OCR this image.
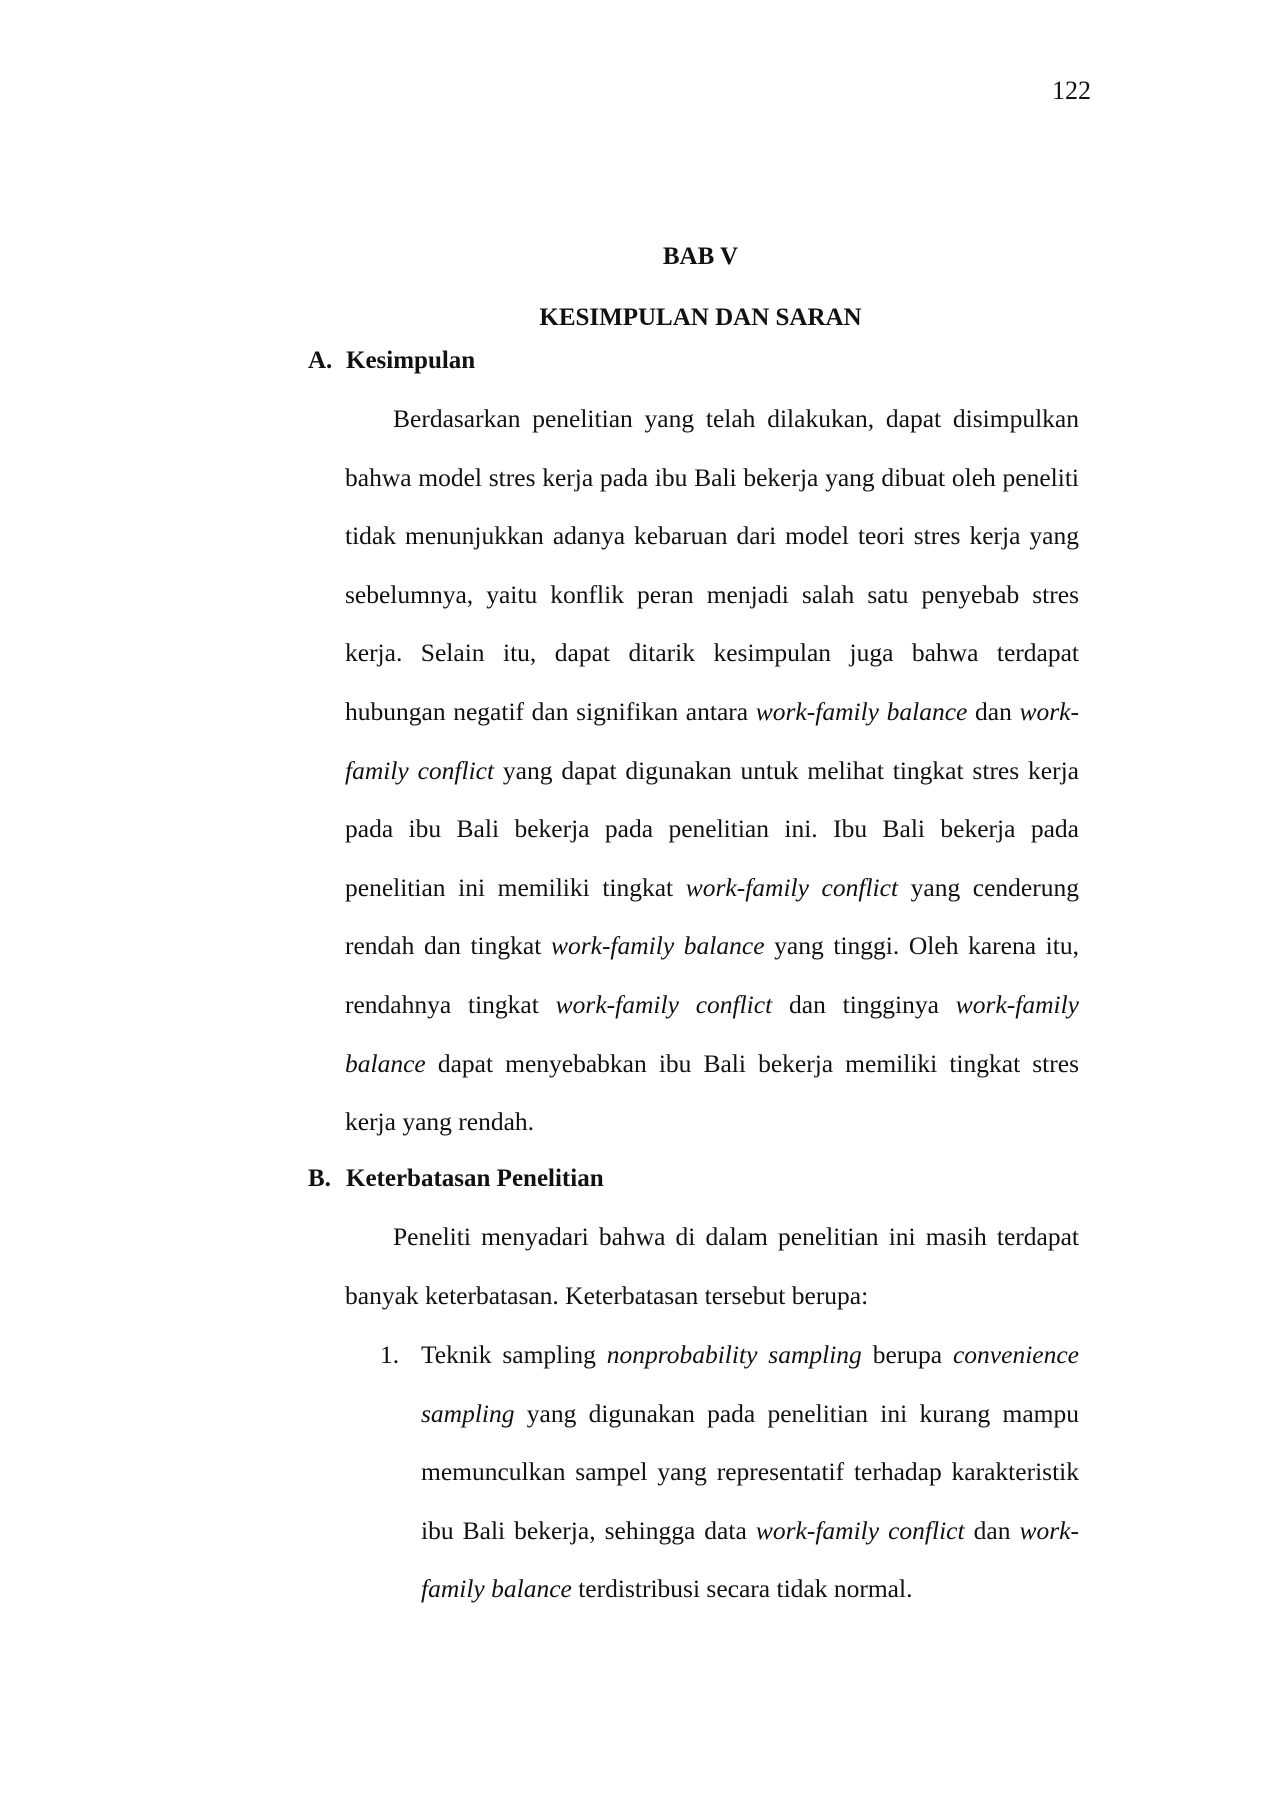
122
BAB V
KESIMPULAN DAN SARAN
A. Kesimpulan

Berdasarkan penelitian yang telah dilakukan, dapat disimpulkan bahwa model stres kerja pada ibu Bali bekerja yang dibuat oleh peneliti tidak menunjukkan adanya kebaruan dari model teori stres kerja yang sebelumnya, yaitu konflik peran menjadi salah satu penyebab stres kerja. Selain itu, dapat ditarik kesimpulan juga bahwa terdapat hubungan negatif dan signifikan antara work-family balance dan work-family conflict yang dapat digunakan untuk melihat tingkat stres kerja pada ibu Bali bekerja pada penelitian ini. Ibu Bali bekerja pada penelitian ini memiliki tingkat work-family conflict yang cenderung rendah dan tingkat work-family balance yang tinggi. Oleh karena itu, rendahnya tingkat work-family conflict dan tingginya work-family balance dapat menyebabkan ibu Bali bekerja memiliki tingkat stres kerja yang rendah.

B. Keterbatasan Penelitian

Peneliti menyadari bahwa di dalam penelitian ini masih terdapat banyak keterbatasan. Keterbatasan tersebut berupa:

1. Teknik sampling nonprobability sampling berupa convenience sampling yang digunakan pada penelitian ini kurang mampu memunculkan sampel yang representatif terhadap karakteristik ibu Bali bekerja, sehingga data work-family conflict dan work-family balance terdistribusi secara tidak normal.
